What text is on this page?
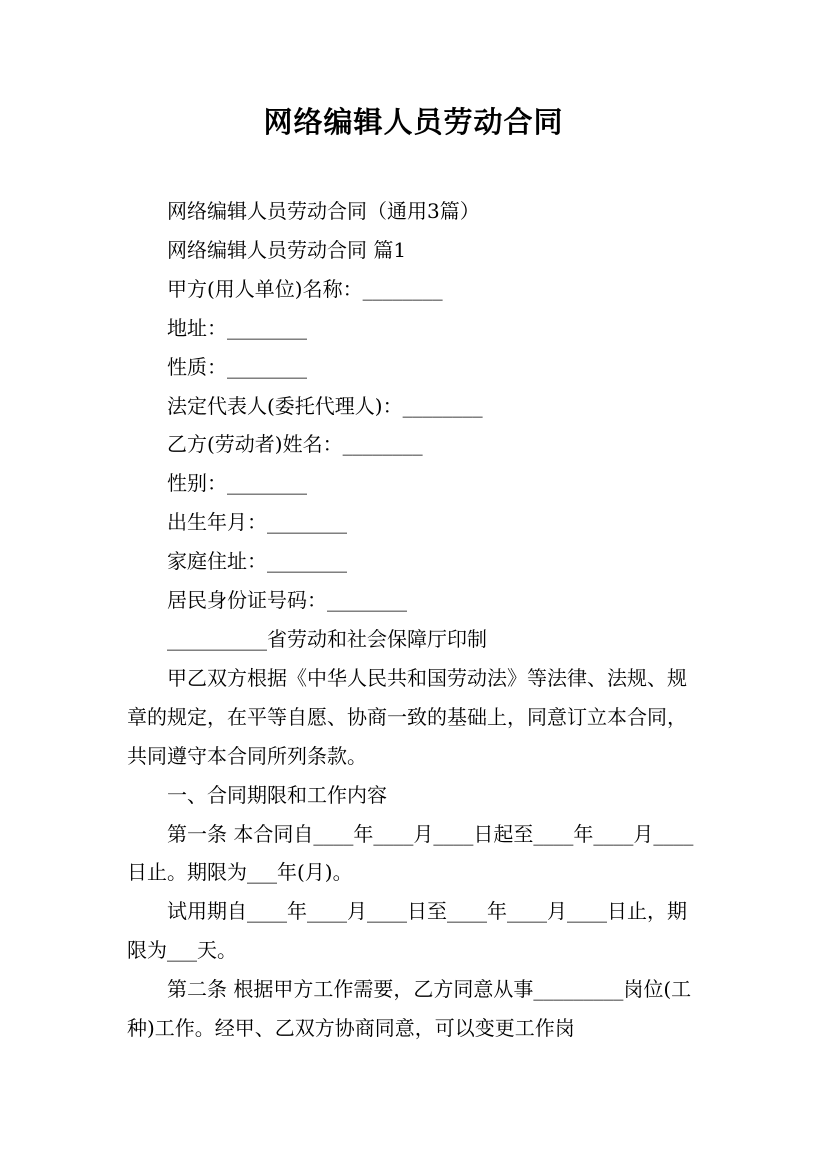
网络编辑人员劳动合同

网络编辑人员劳动合同（通用3篇）

网络编辑人员劳动合同 篇1

甲方(用人单位)名称：________

地址：________

性质：________

法定代表人(委托代理人)：________

乙方(劳动者)姓名：________

性别：________

出生年月：________

家庭住址：________

居民身份证号码：________

__________省劳动和社会保障厅印制

甲乙双方根据《中华人民共和国劳动法》等法律、法规、规章的规定，在平等自愿、协商一致的基础上，同意订立本合同，共同遵守本合同所列条款。

一、合同期限和工作内容

第一条 本合同自____年____月____日起至____年____月____日止。期限为___年(月)。

试用期自____年____月____日至____年____月____日止，期限为___天。

第二条 根据甲方工作需要，乙方同意从事_________岗位(工种)工作。经甲、乙双方协商同意，可以变更工作岗
